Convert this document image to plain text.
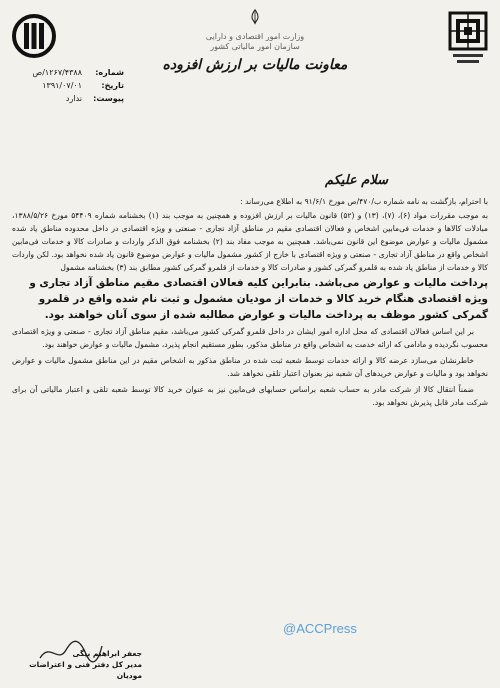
وزارت امور اقتصادی و دارایی
سازمان امور مالیاتی کشور
معاونت مالیات بر ارزش افزوده
شماره:
۱۲۶۷/۴۳۸۸/ص
تاریخ:
۱۳۹۱/۰۷/۰۱
پیوست:
ندارد
سلام علیکم

با احترام، بازگشت به نامه شماره ب/۴۷۰/ص مورخ ۹۱/۶/۱ به اطلاع می‌رساند :

به موجب مقررات مواد (۶)، (۷)، (۱۳) و (۵۲) قانون مالیات بر ارزش افزوده و همچنین به موجب بند (۱) بخشنامه شماره ۵۴۴۰۹ مورخ ۱۳۸۸/۵/۲۶، مبادلات کالاها و خدمات فی‌مابین اشخاص و فعالان اقتصادی مقیم در مناطق آزاد تجاری - صنعتی و ویژه اقتصادی در داخل محدوده مناطق یاد شده مشمول مالیات و عوارض موضوع این قانون نمی‌باشد. همچنین به موجب مفاد بند (۲) بخشنامه فوق الذکر واردات و صادرات کالا و خدمات فی‌مابین اشخاص واقع در مناطق آزاد تجاری - صنعتی و ویژه اقتصادی با خارج از کشور مشمول مالیات و عوارض موضوع قانون یاد شده نخواهد بود. لکن واردات کالا و خدمات از مناطق یاد شده به قلمرو گمرکی کشور و صادرات کالا و خدمات از قلمرو گمرکی کشور مطابق بند (۳) بخشنامه مشمول

پرداخت مالیات و عوارض می‌باشد. بنابراین کلیه فعالان اقتصادی مقیم مناطق آزاد تجاری و

ویژه اقتصادی هنگام خرید کالا و خدمات از مودیان مشمول و ثبت نام شده واقع در قلمرو

گمرکی کشور موظف به پرداخت مالیات و عوارض مطالبه شده از سوی آنان خواهند بود.

بر این اساس فعالان اقتصادی که محل اداره امور ایشان در داخل قلمرو گمرکی کشور می‌باشد، مقیم مناطق آزاد تجاری - صنعتی و ویژه اقتصادی محسوب نگردیده و مادامی که ارائه خدمت به اشخاص واقع در مناطق مذکور، بطور مستقیم انجام پذیرد، مشمول مالیات و عوارض خواهند بود.

خاطرنشان می‌سازد عرضه کالا و ارائه خدمات توسط شعبه ثبت شده در مناطق مذکور به اشخاص مقیم در این مناطق مشمول مالیات و عوارض نخواهد بود و مالیات و عوارض خریدهای آن شعبه نیز بعنوان اعتبار تلقی نخواهد شد.

ضمناً انتقال کالا از شرکت مادر به حساب شعبه براساس حسابهای فی‌مابین نیز به عنوان خرید کالا توسط شعبه تلقی و اعتبار مالیاتی آن برای شرکت مادر قابل پذیرش نخواهد بود.

جعفر ابراهیم بیگی
مدیر کل دفتر فنی و اعتراضات مودیان
@ACCPress
